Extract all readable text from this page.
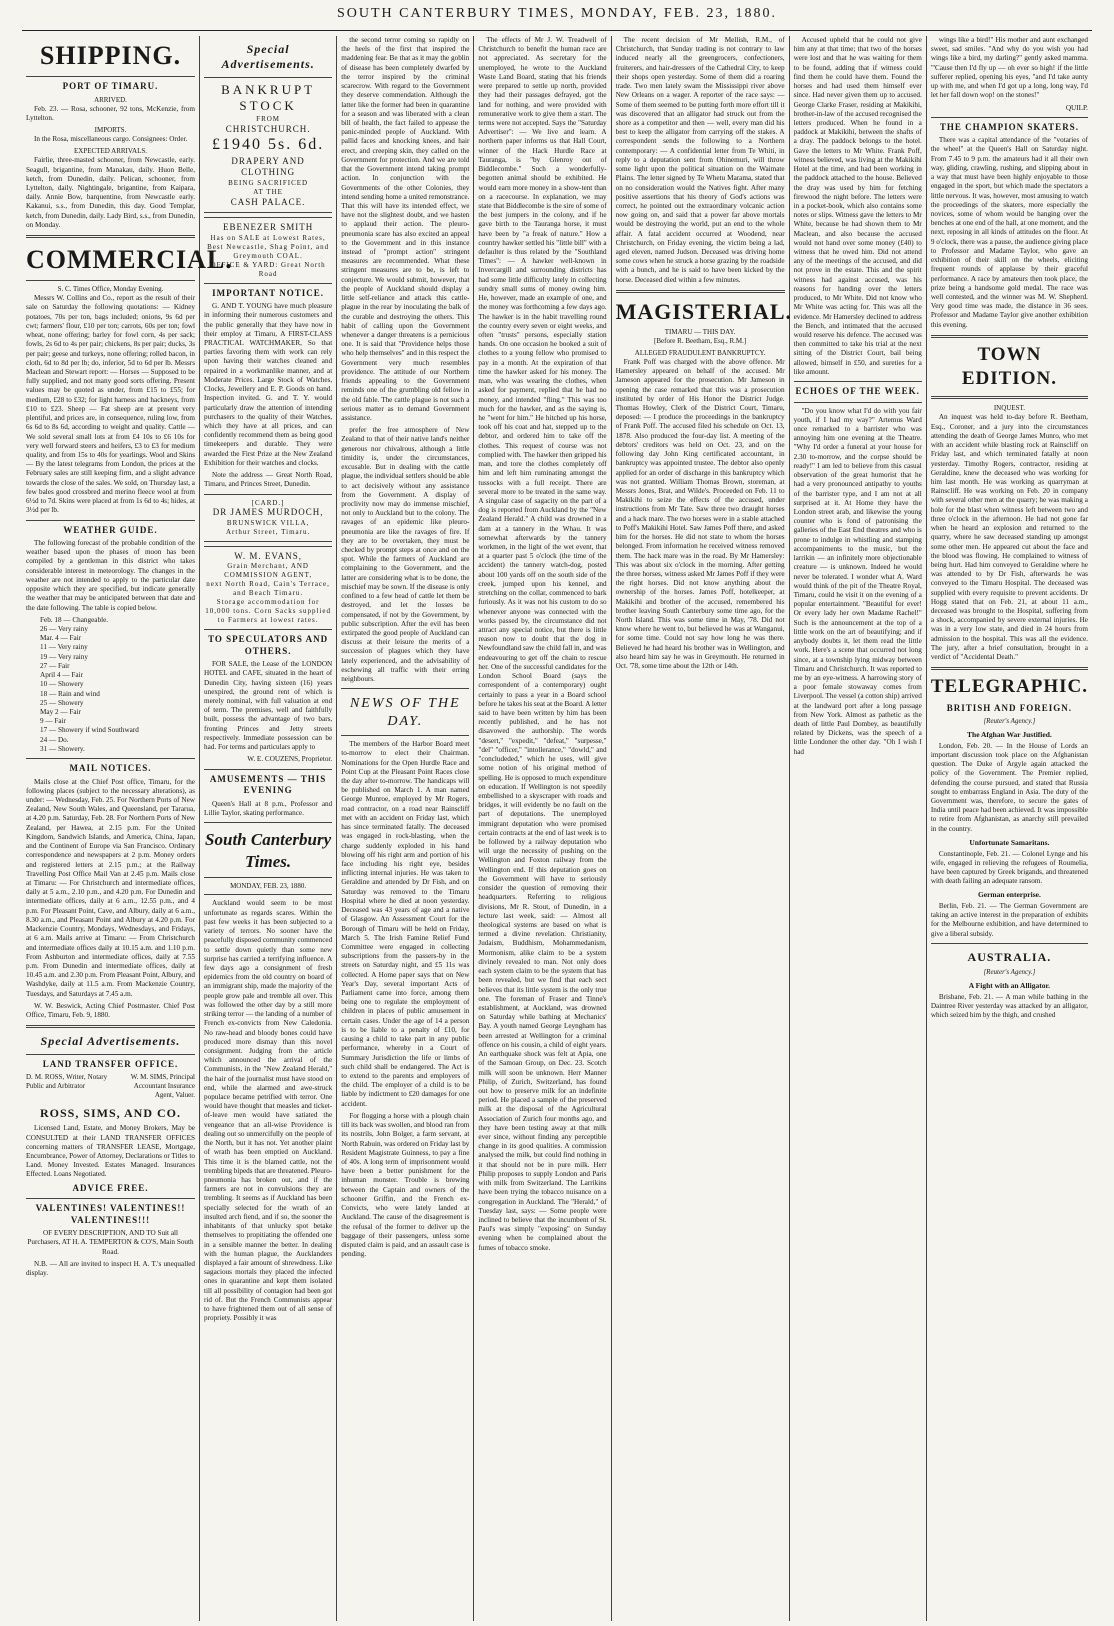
SOUTH CANTERBURY TIMES, MONDAY, FEB. 23, 1880.
SHIPPING.
PORT OF TIMARU.
ARRIVED.

Feb. 23. — Rosa, schooner, 92 tons, McKenzie, from Lyttelton.

IMPORTS.

In the Rosa, miscellaneous cargo. Consignees: Order.

EXPECTED ARRIVALS.

Fairlie, three-masted schooner, from Newcastle, early. Seagull, brigantine, from Manakau, daily. Huon Belle, ketch, from Dunedin, daily. Pelican, schooner, from Lyttelton, daily. Nightingale, brigantine, from Kaipara, daily. Annie Bow, barquentine, from Newcastle early. Kakanui, s.s., from Dunedin, this day. Good Templar, ketch, from Dunedin, daily. Lady Bird, s.s., from Dunedin, on Monday.

COMMERCIAL.
S. C. Times Office, Monday Evening.

Messrs W. Collins and Co., report as the result of their sale on Saturday the following quotations: — Kidney potatoes, 70s per ton, bags included; onions, 9s 6d per cwt; farmers' flour, £10 per ton; carrots, 60s per ton; fowl wheat, none offering; barley for fowl corn, 4s per sack; fowls, 2s 6d to 4s per pair; chickens, 8s per pair; ducks, 3s per pair; geese and turkeys, none offering; rolled bacon, in cloth, 6d to 8d per lb; do, inferior, 5d to 6d per lb. Messrs Maclean and Stewart report: — Horses — Supposed to be fully supplied, and not many good sorts offering. Present values may be quoted as under, from £15 to £55; for medium, £28 to £32; for light harness and hackneys, from £10 to £23. Sheep — Fat sheep are at present very plentiful, and prices are, in consequence, ruling low, from 6s 6d to 8s 6d, according to weight and quality. Cattle — We sold several small lots at from £4 10s to £6 10s for very well forward steers and heifers, £3 to £3 for medium quality, and from 15s to 40s for yearlings. Wool and Skins — By the latest telegrams from London, the prices at the February sales are still keeping firm, and a slight advance towards the close of the sales. We sold, on Thursday last, a few bales good crossbred and merino fleece wool at from 6½d to 7d. Skins were placed at from 1s 6d to 4s; hides, at 3½d per lb.

WEATHER GUIDE.

The following forecast of the probable condition of the weather based upon the phases of moon has been compiled by a gentleman in this district who takes considerable interest in meteorology. The changes in the weather are not intended to apply to the particular date opposite which they are specified, but indicate generally the weather that may be anticipated between that date and the date following. The table is copied below.

Feb. 18 — Changeable.
26 — Very rainy
Mar. 4 — Fair
11 — Very rainy
19 — Very rainy
27 — Fair
April 4 — Fair
10 — Showery
18 — Rain and wind
25 — Showery
May 2 — Fair
9 — Fair
17 — Showery if wind Southward
24 — Do.
31 — Showery.
MAIL NOTICES.

Mails close at the Chief Post office, Timaru, for the following places (subject to the necessary alterations), as under: — Wednesday, Feb. 25. For Northern Ports of New Zealand, New South Wales, and Queensland, per Tararua, at 4.20 p.m. Saturday, Feb. 28. For Northern Ports of New Zealand, per Hawea, at 2.15 p.m. For the United Kingdom, Sandwich Islands, and America, China, Japan, and the Continent of Europe via San Francisco. Ordinary correspondence and newspapers at 2 p.m. Money orders and registered letters at 2.15 p.m.; at the Railway Travelling Post Office Mail Van at 2.45 p.m. Mails close at Timaru: — For Christchurch and intermediate offices, daily at 5 a.m., 2.10 p.m., and 4.20 p.m. For Dunedin and intermediate offices, daily at 6 a.m., 12.55 p.m., and 4 p.m. For Pleasant Point, Cave, and Albury, daily at 6 a.m., 8.30 a.m., and Pleasant Point and Albury at 4.20 p.m. For Mackenzie Country, Mondays, Wednesdays, and Fridays, at 6 a.m. Mails arrive at Timaru: — From Christchurch and intermediate offices daily at 10.15 a.m. and 1.10 p.m. From Ashburton and intermediate offices, daily at 7.55 p.m. From Dunedin and intermediate offices, daily at 10.45 a.m. and 2.30 p.m. From Pleasant Point, Albury, and Washdyke, daily at 11.5 a.m. From Mackenzie Country, Tuesdays, and Saturdays at 7.45 a.m.

W. W. Beswick, Acting Chief Postmaster. Chief Post Office, Timaru, Feb. 9, 1880.

Special Advertisements.
LAND TRANSFER OFFICE.
D. M. ROSS, Writer, Notary Public and Arbitrator
W. M. SIMS, Principal Accountant Insurance Agent, Valuer.
ROSS, SIMS, AND CO.

Licensed Land, Estate, and Money Brokers, May be CONSULTED at their LAND TRANSFER OFFICES concerning matters of TRANSFER LEASE, Mortgage, Encumbrance, Power of Attorney, Declarations or Titles to Land. Money Invested. Estates Managed. Insurances Effected. Loans Negotiated.

ADVICE FREE.
VALENTINES! VALENTINES!! VALENTINES!!!

OF EVERY DESCRIPTION, AND TO Suit all Purchasers, AT H. A. TEMPERTON & CO'S, Main South Road.

N.B. — All are invited to inspect H. A. T.'s unequalled display.

Special Advertisements.
BANKRUPT STOCK
FROM
CHRISTCHURCH.
£1940 5s. 6d.
DRAPERY AND CLOTHING
BEING SACRIFICED
AT THE
CASH PALACE.
EBENEZER SMITH
Has on SALE at Lowest Rates, Best Newcastle, Shag Point, and Greymouth COAL.
OFFICE & YARD: Great North Road
IMPORTANT NOTICE.

G. AND T. YOUNG have much pleasure in informing their numerous customers and the public generally that they have now in their employ at Timaru, A FIRST-CLASS PRACTICAL WATCHMAKER, So that parties favoring them with work can rely upon having their watches cleaned and repaired in a workmanlike manner, and at Moderate Prices. Large Stock of Watches, Clocks, Jewellery and E. P. Goods on hand. Inspection invited. G. and T. Y. would particularly draw the attention of intending purchasers to the quality of their Watches, which they have at all prices, and can confidently recommend them as being good timekeepers and durable. They were awarded the First Prize at the New Zealand Exhibition for their watches and clocks.

Note the address — Great North Road, Timaru, and Princes Street, Dunedin.

[CARD.]
DR JAMES MURDOCH,
BRUNSWICK VILLA,
Arthur Street, Timaru.
W. M. EVANS,
Grain Merchant, AND COMMISSION AGENT,
next North Road, Cain's Terrace, and Beach Timaru.
Storage accommodation for 10,000 tons. Corn Sacks supplied to Farmers at lowest rates.
TO SPECULATORS AND OTHERS.

FOR SALE, the Lease of the LONDON HOTEL and CAFE, situated in the heart of Dunedin City, having sixteen (16) years unexpired, the ground rent of which is merely nominal, with full valuation at end of term. The premises, well and faithfully built, possess the advantage of two bars, fronting Princes and Jetty streets respectively. Immediate possession can be had. For terms and particulars apply to

W. E. COUZENS, Proprietor.

AMUSEMENTS — THIS EVENING

Queen's Hall at 8 p.m., Professor and Lillie Taylor, skating performance.

South Canterbury Times.
MONDAY, FEB. 23, 1880.

Auckland would seem to be most unfortunate as regards scares. Within the past few weeks it has been subjected to a variety of terrors. No sooner have the peacefully disposed community commenced to settle down quietly than some new surprise has carried a terrifying influence. A few days ago a consignment of fresh epidemics from the old country on board of an immigrant ship, made the majority of the people grow pale and tremble all over. This was followed the other day by a still more striking terror — the landing of a number of French ex-convicts from New Caledonia. No raw-head and bloody bones could have produced more dismay than this novel consignment. Judging from the article which announced the arrival of the Communists, in the "New Zealand Herald," the hair of the journalist must have stood on end, while the alarmed and awe-struck populace became petrified with terror. One would have thought that measles and ticket-of-leave men would have satiated the vengeance that an all-wise Providence is dealing out so unmercifully on the people of the North, but it has not. Yet another plaint of wrath has been emptied on Auckland. This time it is the blamed cattle, not the trembling bipeds that are threatened. Pleuro-pneumonia has broken out, and if the farmers are not in convulsions they are trembling. It seems as if Auckland has been specially selected for the wrath of an insulted arch fiend, and if so, the sooner the inhabitants of that unlucky spot betake themselves to propitiating the offended one in a sensible manner the better. In dealing with the human plague, the Aucklanders displayed a fair amount of shrewdness. Like sagacious mortals they placed the infected ones in quarantine and kept them isolated till all possibility of contagion had been got rid of. But the French Communists appear to have frightened them out of all sense of propriety. Possibly it was

the second terror coming so rapidly on the heels of the first that inspired the maddening fear. Be that as it may the goblin of disease has been completely dwarfed by the terror inspired by the criminal scarecrow. With regard to the Government they deserve commendation. Although the latter like the former had been in quarantine for a season and was liberated with a clean bill of health, the fact failed to appease the panic-minded people of Auckland. With pallid faces and knocking knees, and hair erect, and creeping skin, they called on the Government for protection. And we are told that the Government intend taking prompt action. In conjunction with the Governments of the other Colonies, they intend sending home a united remonstrance. That this will have its intended effect, we have not the slightest doubt, and we hasten to applaud their action. The pleuro-pneumonia scare has also excited an appeal to the Government and in this instance instead of "prompt action" stringent measures are recommended. What these stringent measures are to be, is left to conjecture. We would submit, however, that the people of Auckland should display a little self-reliance and attack this cattle-plague in the rear by inoculating the balk of the curable and destroying the others. This habit of calling upon the Government whenever a danger threatens is a pernicious one. It is said that "Providence helps those who help themselves" and in this respect the Government very much resembles providence. The attitude of our Northern friends appealing to the Government reminds one of the grumbling old fellow in the old fable. The cattle plague is not such a serious matter as to demand Government assistance.

prefer the free atmosphere of New Zealand to that of their native land's neither generous nor chivalrous, although a little timidity is, under the circumstances, excusable. But in dealing with the cattle plague, the individual settlers should be able to act decisively without any assistance from the Government. A display of proclivity now may do immense mischief, not only to Auckland but to the colony. The ravages of an epidemic like pleuro-pneumonia are like the ravages of fire. If they are to be overtaken, they must be checked by prompt steps at once and on the spot. While the farmers of Auckland are complaining to the Government, and the latter are considering what is to be done, the mischief may be sown. If the disease is only confined to a few head of cattle let them be destroyed, and let the losses be compensated, if not by the Government, by public subscription. After the evil has been extirpated the good people of Auckland can discuss at their leisure the merits of a succession of plagues which they have lately experienced, and the advisability of eschewing all traffic with their erring neighbours.

NEWS OF THE DAY.

The members of the Harbor Board meet to-morrow to elect their Chairman. Nominations for the Open Hurdle Race and Point Cup at the Pleasant Point Races close the day after to-morrow. The handicaps will be published on March 1. A man named George Munroe, employed by Mr Rogers, road contractor, on a road near Rainscliff met with an accident on Friday last, which has since terminated fatally. The deceased was engaged in rock-blasting, when the charge suddenly exploded in his hand blowing off his right arm and portion of his face including his right eye, besides inflicting internal injuries. He was taken to Geraldine and attended by Dr Fish, and on Saturday was removed to the Timaru Hospital where he died at noon yesterday. Deceased was 43 years of age and a native of Glasgow. An Assessment Court for the Borough of Timaru will be held on Friday, March 5. The Irish Famine Relief Fund Committee were engaged in collecting subscriptions from the passers-by in the streets on Saturday night, and £5 11s was collected. A Home paper says that on New Year's Day, several important Acts of Parliament came into force, among them being one to regulate the employment of children in places of public amusement in certain cases. Under the age of 14 a person is to be liable to a penalty of £10, for causing a child to take part in any public performance, whereby in a Court of Summary Jurisdiction the life or limbs of such child shall be endangered. The Act is to extend to the parents and employers of the child. The employer of a child is to be liable by indictment to £20 damages for one accident.

For flogging a horse with a plough chain till its back was swollen, and blood ran from its nostrils, John Bolger, a farm servant, at North Rabuin, was ordered on Friday last by Resident Magistrate Guinness, to pay a fine of 40s. A long term of imprisonment would have been a better punishment for the inhuman monster. Trouble is brewing between the Captain and owners of the schooner Griffin, and the French ex-Convicts, who were lately landed at Auckland. The cause of the disagreement is the refusal of the former to deliver up the baggage of their passengers, unless some disputed claim is paid, and an assault case is pending.

The effects of Mr J. W. Treadwell of Christchurch to benefit the human race are not appreciated. As secretary for the unemployed, he wrote to the Auckland Waste Land Board, stating that his friends were prepared to settle up north, provided they had their passages defrayed, got the land for nothing, and were provided with remunerative work to give them a start. The terms were not accepted. Says the "Saturday Advertiser": — We live and learn. A northern paper informs us that Hall Court, winner of the Hack Hurdle Race at Tauranga, is "by Glenroy out of Biddlecombe." Such a wonderfully-begotten animal should be exhibited. He would earn more money in a show-tent than on a racecourse. In explanation, we may state that Biddlecombe is the sire of some of the best jumpers in the colony, and if he gave birth to the Tauranga horse, it must have been by "a freak of nature." How a country hawker settled his "little bill" with a defaulter is thus related by the "Southland Times": — A hawker well-known in Invercargill and surrounding districts has had some little difficulty lately in collecting sundry small sums of money owing him. He, however, made an example of one, and the money was forthcoming a few days ago. The hawker is in the habit travelling round the country every seven or eight weeks, and often "trusts" persons, especially station hands. On one occasion he booked a suit of clothes to a young fellow who promised to pay in a month. At the expiration of that time the hawker asked for his money. The man, who was wearing the clothes, when asked for payment, replied that he had no money, and intended "fling." This was too much for the hawker, and as the saying is, he "went for him." He hitched up his horse, took off his coat and hat, stepped up to the debtor, and ordered him to take off the clothes. This request of course was not complied with. The hawker then gripped his man, and tore the clothes completely off him and left him ruminating amongst the tussocks with a full receipt. There are several more to be treated in the same way. A singular case of sagacity on the part of a dog is reported from Auckland by the "New Zealand Herald." A child was drowned in a dam at a tannery in the Whau. It was somewhat afterwards by the tannery workmen, in the light of the wet event, that at a quarter past 5 o'clock (the time of the accident) the tannery watch-dog, posted about 100 yards off on the south side of the creek, jumped upon his kennel, and stretching on the collar, commenced to bark furiously. As it was not his custom to do so whenever anyone was connected with the works passed by, the circumstance did not attract any special notice, but there is little reason now to doubt that the dog in Newfoundland saw the child fall in, and was endeavouring to get off the chain to rescue her. One of the successful candidates for the London School Board (says the correspondent of a contemporary) ought certainly to pass a year in a Board school before he takes his seat at the Board. A letter said to have been written by him has been recently published, and he has not disavowed the authorship. The words "desert," "expedit," "defeat," "surpesse," "del" "officer," "intollerance," "dowld," and "concludeded," which he uses, will give some notion of his original method of spelling. He is opposed to much expenditure on education. If Wellington is not speedily embellished to a skyscraper with roads and bridges, it will evidently be no fault on the part of deputations. The unemployed immigrant deputation who were promised certain contracts at the end of last week is to be followed by a railway deputation who will urge the necessity of pushing on the Wellington and Foxton railway from the Wellington end. If this deputation goes on the Government will have to seriously consider the question of removing their headquarters. Referring to religious divisions, Mr R. Stout, of Dunedin, in a lecture last week, said: — Almost all theological systems are based on what is termed a divine revelation. Christianity, Judaism, Buddhism, Mohammedanism, Mormonism, alike claim to be a system divinely revealed to man. Not only does each system claim to be the system that has been revealed, but we find that each sect believes that its little system is the only true one. The foreman of Fraser and Tinne's establishment, at Auckland, was drowned on Saturday while bathing at Mechanics' Bay. A youth named George Leyngham has been arrested at Wellington for a criminal offence on his cousin, a child of eight years. An earthquake shock was felt at Apia, one of the Samoan Group, on Dec. 23. Scotch milk will soon be unknown. Herr Manner Philip, of Zurich, Switzerland, has found out how to preserve milk for an indefinite period. He placed a sample of the preserved milk at the disposal of the Agricultural Association of Zurich four months ago, and they have been testing away at that milk ever since, without finding any perceptible change in its good qualities. A commission analysed the milk, but could find nothing in it that should not be in pure milk. Herr Philip proposes to supply London and Paris with milk from Switzerland. The Larrikins have been trying the tobacco nuisance on a congregation in Auckland. The "Herald," of Tuesday last, says: — Some people were inclined to believe that the incumbent of St. Paul's was simply "exposing" on Sunday evening when he complained about the fumes of tobacco smoke.

The recent decision of Mr Mellish, R.M., of Christchurch, that Sunday trading is not contrary to law induced nearly all the greengrocers, confectioners, fruiterers, and hair-dressers of the Cathedral City, to keep their shops open yesterday. Some of them did a roaring trade. Two men lately swam the Mississippi river above New Orleans on a wager. A reporter of the race says: — Some of them seemed to be putting forth more effort till it was discovered that an alligator had struck out from the shore as a competitor and then — well, every man did his best to keep the alligator from carrying off the stakes. A correspondent sends the following to a Northern contemporary: — A confidential letter from Te Whiti, in reply to a deputation sent from Ohinemuri, will throw some light upon the political situation on the Waimate Plains. The letter signed by Te Whetu Marama, stated that on no consideration would the Natives fight. After many positive assertions that his theory of God's actions was correct, he pointed out the extraordinary volcanic action now going on, and said that a power far above mortals would be destroying the world, put an end to the whole affair. A fatal accident occurred at Woodend, near Christchurch, on Friday evening, the victim being a lad, aged eleven, named Judson. Deceased was driving home some cows when he struck a horse grazing by the roadside with a bunch, and he is said to have been kicked by the horse. Deceased died within a few minutes.

MAGISTERIAL.
TIMARU — THIS DAY.
[Before R. Beetham, Esq., R.M.]
ALLEGED FRAUDULENT BANKRUPTCY.

Frank Poff was charged with the above offence. Mr Hamersley appeared on behalf of the accused. Mr Jameson appeared for the prosecution. Mr Jameson in opening the case remarked that this was a prosecution instituted by order of His Honor the District Judge. Thomas Howley, Clerk of the District Court, Timaru, deposed: — I produce the proceedings in the bankruptcy of Frank Poff. The accused filed his schedule on Oct. 13, 1878. Also produced the four-day list. A meeting of the debtors' creditors was held on Oct. 23, and on the following day John King certificated accountant, in bankruptcy was appointed trustee. The debtor also openly applied for an order of discharge in this bankruptcy which was not granted. William Thomas Brown, storeman, at Messrs Jones, Brat, and Wilde's. Proceeded on Feb. 11 to Makikihi to seize the effects of the accused, under instructions from Mr Tate. Saw three two draught horses and a hack mare. The two horses were in a stable attached to Poff's Makikihi Hotel. Saw James Poff there, and asked him for the horses. He did not state to whom the horses belonged. From information he received witness removed them. The hack mare was in the road. By Mr Hamersley: This was about six o'clock in the morning. After getting the three horses, witness asked Mr James Poff if they were the right horses. Did not know anything about the ownership of the horses. James Poff, hotelkeeper, at Makikihi and brother of the accused, remembered his brother leaving South Canterbury some time ago, for the North Island. This was some time in May, '78. Did not know where he went to, but believed he was at Wanganui, for some time. Could not say how long he was there. Believed he had heard his brother was in Wellington, and also heard him say he was in Greymouth. He returned in Oct. '78, some time about the 12th or 14th.

Accused upheld that he could not give him any at that time; that two of the horses were lost and that he was waiting for them to be found, adding that if witness could find them he could have them. Found the horses and had used them himself ever since. Had never given them up to accused. George Clarke Fraser, residing at Makikihi, brother-in-law of the accused recognised the letters produced. When he found in a paddock at Makikihi, between the shafts of a dray. The paddock belongs to the hotel. Gave the letters to Mr White. Frank Poff, witness believed, was living at the Makikihi Hotel at the time, and had been working in the paddock attached to the house. Believed the dray was used by him for fetching firewood the night before. The letters were in a pocket-book, which also contains some notes or slips. Witness gave the letters to Mr White, because he had shown them to Mr Maclean, and also because the accused would not hand over some money (£40) to witness that he owed him. Did not attend any of the meetings of the accused, and did not prove in the estate. This and the spirit witness had against accused, was his reasons for handing over the letters produced, to Mr White. Did not know who Mr White was acting for. This was all the evidence. Mr Hamersley declined to address the Bench, and intimated that the accused would reserve his defence. The accused was then committed to take his trial at the next sitting of the District Court, bail being allowed, himself in £50, and sureties for a like amount.

ECHOES OF THE WEEK.

"Do you know what I'd do with you fair youth, if I had my way?" Artemus Ward once remarked to a barrister who was annoying him one evening at the Theatre. "Why I'd order a funeral at your house for 2.30 to-morrow, and the corpse should be ready!" I am led to believe from this casual observation of the great humorist that he had a very pronounced antipathy to youths of the barrister type, and I am not at all surprised at it. At Home they have the London street arab, and likewise the young counter who is fond of patronising the galleries of the East End theatres and who is prone to indulge in whistling and stamping accompaniments to the music, but the larrikin — an infinitely more objectionable creature — is unknown. Indeed he would never be tolerated. I wonder what A. Ward would think of the pit of the Theatre Royal, Timaru, could he visit it on the evening of a popular entertainment. "Beautiful for ever! Or every lady her own Madame Rachel!" Such is the announcement at the top of a little work on the art of beautifying; and if anybody doubts it, let them read the little work. Here's a scene that occurred not long since, at a township lying midway between Timaru and Christchurch. It was reported to me by an eye-witness. A harrowing story of a poor female stowaway comes from Liverpool. The vessel (a cotton ship) arrived at the landward port after a long passage from New York. Almost as pathetic as the death of little Paul Dombey, as beautifully related by Dickens, was the speech of a little Londoner the other day. "Oh I wish I had

wings like a bird!" His mother and aunt exchanged sweet, sad smiles. "And why do you wish you had wings like a bird, my darling?" gently asked mamma. "'Cause then I'd fly up — oh ever so high! if the little sufferer replied, opening his eyes, "and I'd take aunty up with me, and when I'd got up a long, long way, I'd let her fall down wop! on the stones!"

QUILP.

THE CHAMPION SKATERS.

There was a capital attendance of the "votaries of the wheel" at the Queen's Hall on Saturday night. From 7.45 to 9 p.m. the amateurs had it all their own way, gliding, crawling, rushing, and slipping about in a way that must have been highly enjoyable to those engaged in the sport, but which made the spectators a little nervous. It was, however, most amusing to watch the proceedings of the skaters, more especially the novices, some of whom would be hanging over the benches at one end of the hall, at one moment, and the next, reposing in all kinds of attitudes on the floor. At 9 o'clock, there was a pause, the audience giving place to Professor and Madame Taylor, who gave an exhibition of their skill on the wheels, eliciting frequent rounds of applause by their graceful performance. A race by amateurs then took place, the prize being a handsome gold medal. The race was well contested, and the winner was M. W. Shepherd. Very good time was made, the distance in 36 sees. Professor and Madame Taylor give another exhibition this evening.

TOWN EDITION.
INQUEST.

An inquest was held to-day before R. Beetham, Esq., Coroner, and a jury into the circumstances attending the death of George James Munro, who met with an accident while blasting rock at Rainscliff on Friday last, and which terminated fatally at noon yesterday. Timothy Rogers, contractor, residing at Geraldine, knew the deceased who was working for him last month. He was working as quarryman at Rainscliff. He was working on Feb. 20 in company with several other men at the quarry; he was making a hole for the blast when witness left between two and three o'clock in the afternoon. He had not gone far when he heard an explosion and returned to the quarry, where he saw deceased standing up amongst some other men. He appeared cut about the face and the blood was flowing. He complained to witness of being hurt. Had him conveyed to Geraldine where he was attended to by Dr Fish, afterwards he was conveyed to the Timaru Hospital. The deceased was supplied with every requisite to prevent accidents. Dr Hogg stated that on Feb. 21, at about 11 a.m., deceased was brought to the Hospital, suffering from a shock, accompanied by severe external injuries. He was in a very low state, and died in 24 hours from admission to the hospital. This was all the evidence. The jury, after a brief consultation, brought in a verdict of "Accidental Death."

TELEGRAPHIC.
BRITISH AND FOREIGN.
[Reuter's Agency.]
The Afghan War Justified.

London, Feb. 20. — In the House of Lords an important discussion took place on the Afghanistan question. The Duke of Argyle again attacked the policy of the Government. The Premier replied, defending the course pursued, and stated that Russia sought to embarrass England in Asia. The duty of the Government was, therefore, to secure the gates of India until peace had been achieved. It was impossible to retire from Afghanistan, as anarchy still prevailed in the country.

Unfortunate Samaritans.

Constantinople, Feb. 21. — Colonel Lynge and his wife, engaged in relieving the refugees of Roumelia, have been captured by Greek brigands, and threatened with death failing an adequate ransom.

German enterprise.

Berlin, Feb. 21. — The German Government are taking an active interest in the preparation of exhibits for the Melbourne exhibition, and have determined to give a liberal subsidy.

AUSTRALIA.
[Reuter's Agency.]
A Fight with an Alligator.

Brisbane, Feb. 21. — A man while bathing in the Daintree River yesterday was attacked by an alligator, which seized him by the thigh, and crushed
